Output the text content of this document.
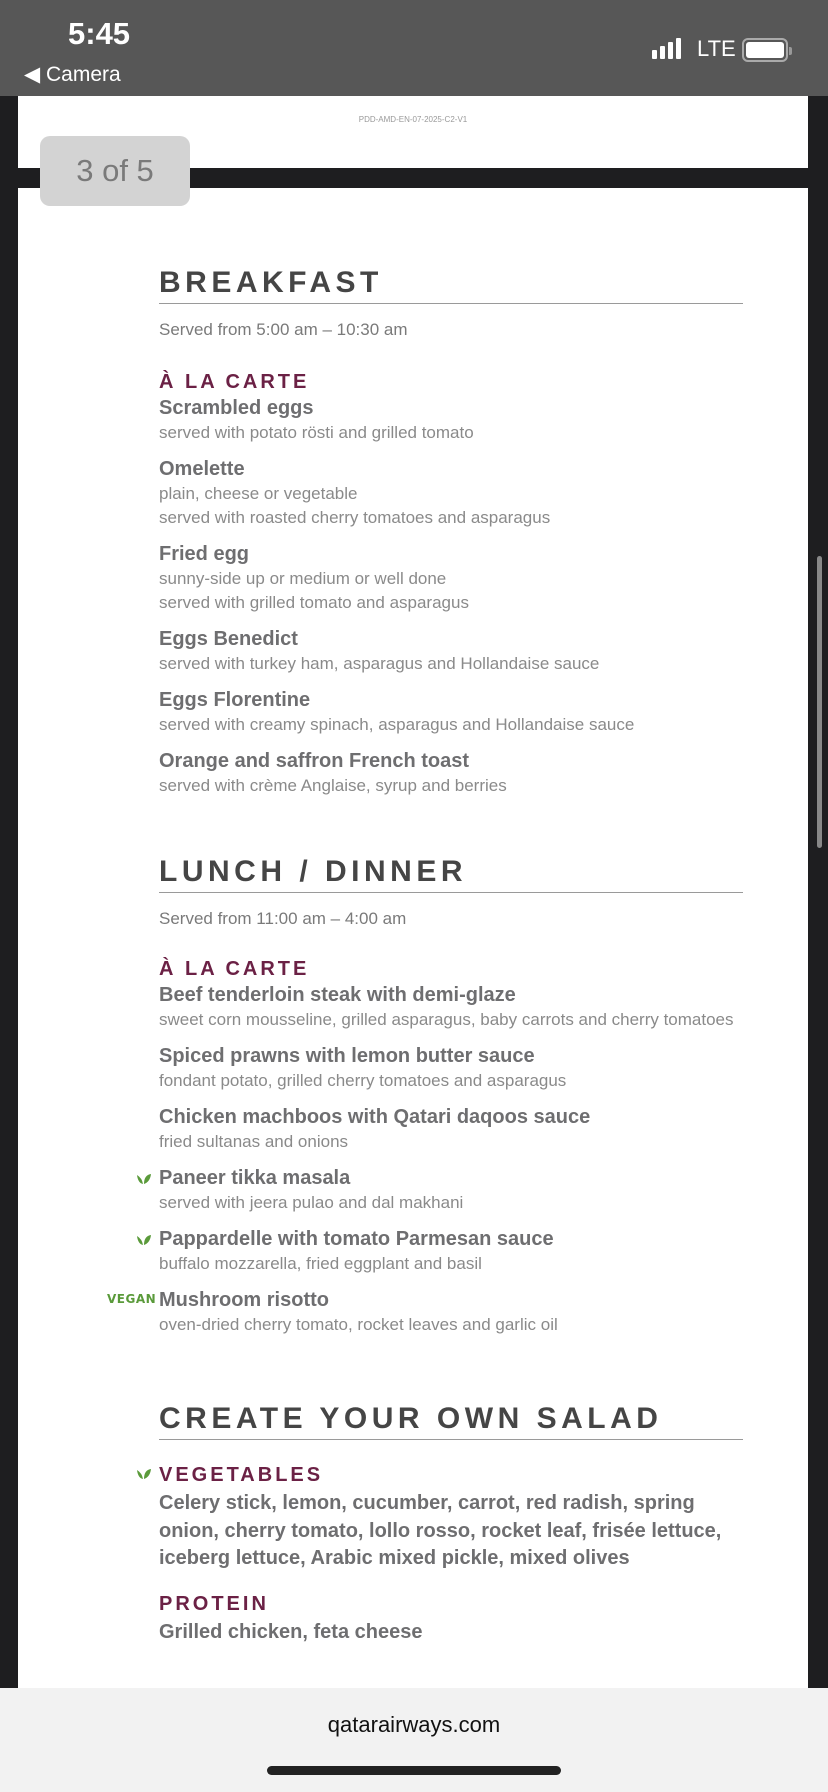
5:45
◀ Camera
LTE
PDD-AMD-EN-07-2025-C2-V1
3 of 5
BREAKFAST
Served from 5:00 am – 10:30 am
À LA CARTE
Scrambled eggs
served with potato rösti and grilled tomato
Omelette
plain, cheese or vegetable
served with roasted cherry tomatoes and asparagus
Fried egg
sunny-side up or medium or well done
served with grilled tomato and asparagus
Eggs Benedict
served with turkey ham, asparagus and Hollandaise sauce
Eggs Florentine
served with creamy spinach, asparagus and Hollandaise sauce
Orange and saffron French toast
served with crème Anglaise, syrup and berries
LUNCH / DINNER
Served from 11:00 am – 4:00 am
À LA CARTE
Beef tenderloin steak with demi-glaze
sweet corn mousseline, grilled asparagus, baby carrots and cherry tomatoes
Spiced prawns with lemon butter sauce
fondant potato, grilled cherry tomatoes and asparagus
Chicken machboos with Qatari daqoos sauce
fried sultanas and onions
Paneer tikka masala
served with jeera pulao and dal makhani
Pappardelle with tomato Parmesan sauce
buffalo mozzarella, fried eggplant and basil
VEGAN Mushroom risotto
oven-dried cherry tomato, rocket leaves and garlic oil
CREATE YOUR OWN SALAD
VEGETABLES
Celery stick, lemon, cucumber, carrot, red radish, spring onion, cherry tomato, lollo rosso, rocket leaf, frisée lettuce, iceberg lettuce, Arabic mixed pickle, mixed olives
PROTEIN
Grilled chicken, feta cheese
qatarairways.com
